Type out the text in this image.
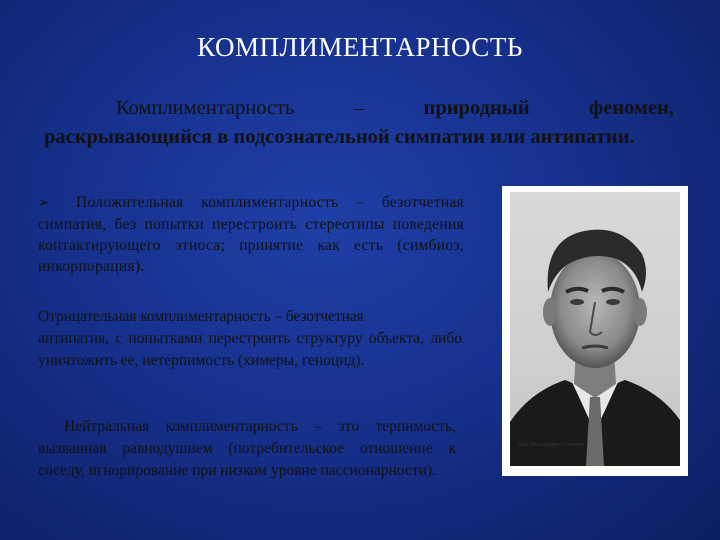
КОМПЛИМЕНТАРНОСТЬ
Комплиментарность – природный феномен, раскрывающийся в подсознательной симпатии или антипатии.
➢ Положительная комплиментарность – безотчетная симпатия, без попытки перестроить стереотипы поведения контактирующего этноса; принятие как есть (симбиоз, инкорпорация).
Отрицательная комплиментарность – безотчетная
антипатия, с попытками перестроить структуру объекта, либо уничтожить ее, нетерпимость (химеры, геноцид).
Нейтральная комплиментарность – это терпимость, вызванная равнодушием (потребительское отношение к соседу, игнорирование при низком уровне пассионарности).
Лев Николаевич Гумилев
